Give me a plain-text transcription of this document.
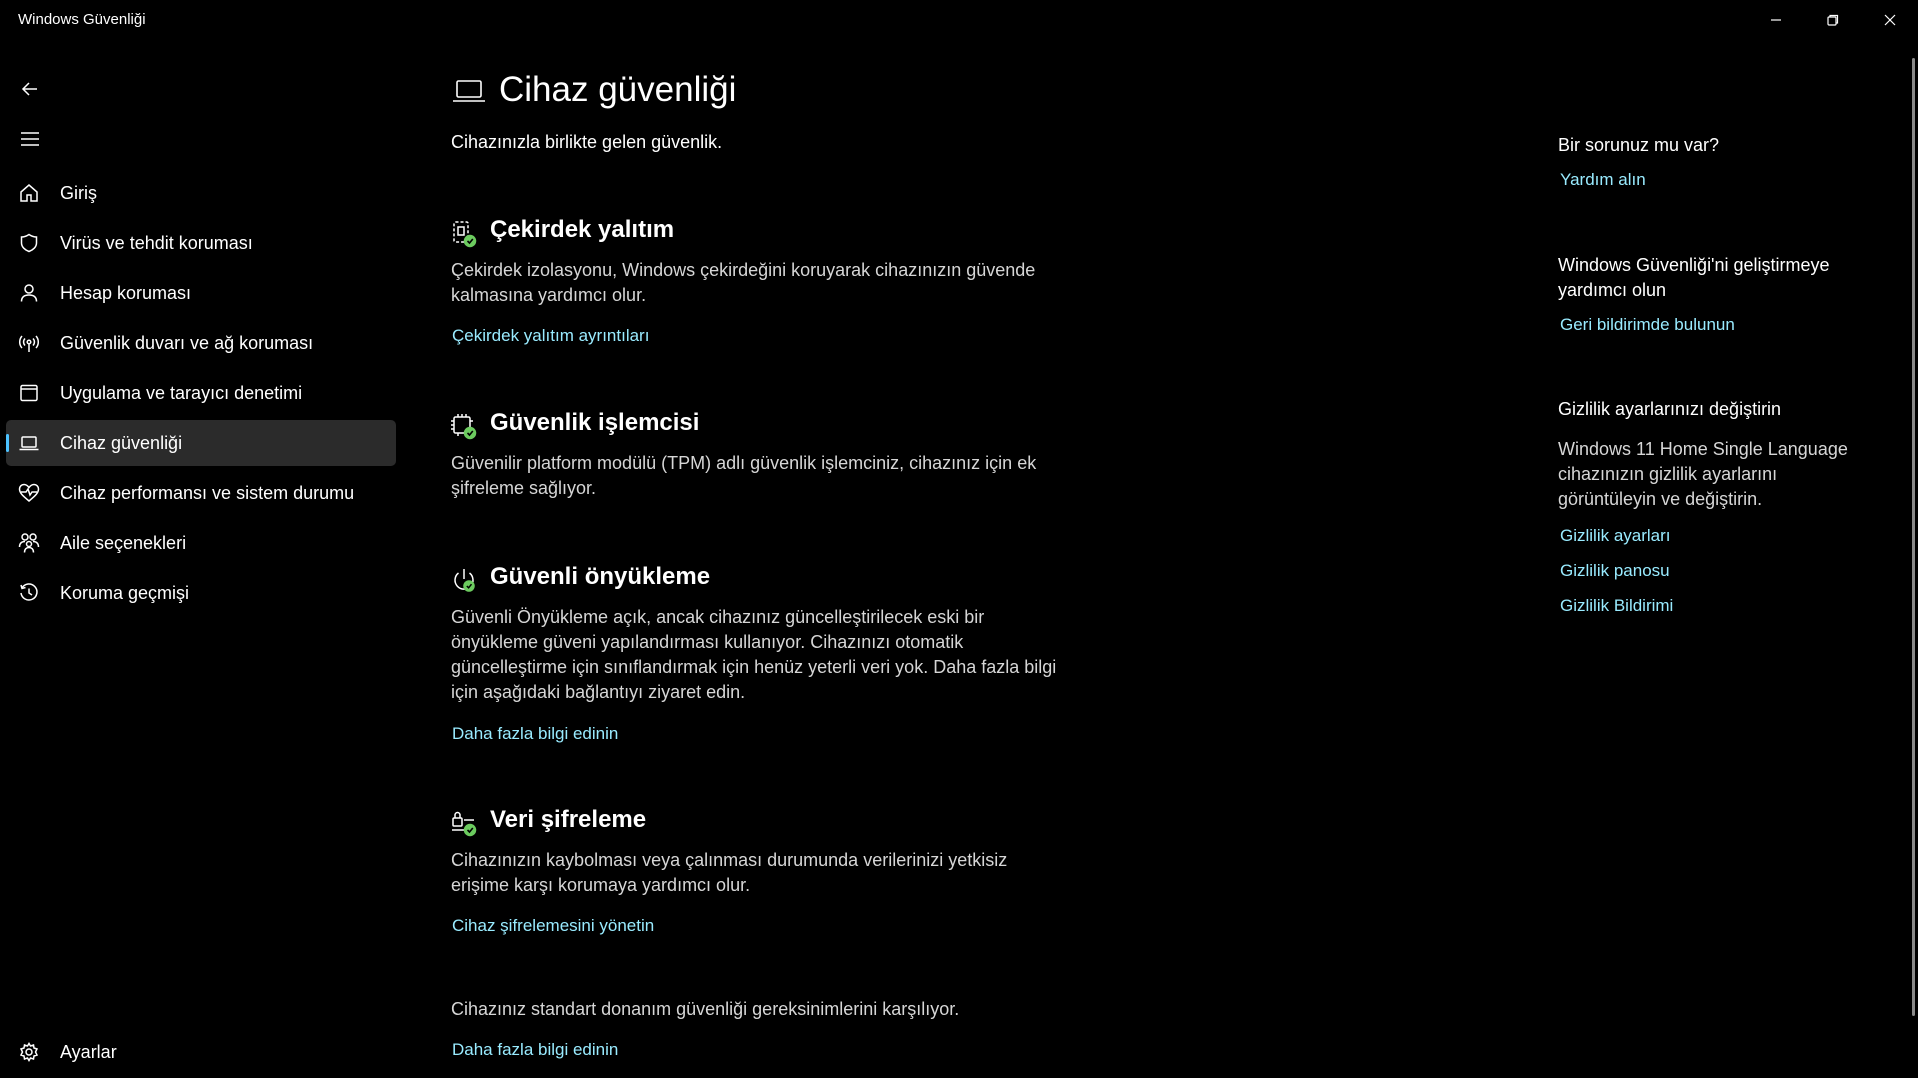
Windows Güvenliği
Giriş
Virüs ve tehdit koruması
Hesap koruması
Güvenlik duvarı ve ağ koruması
Uygulama ve tarayıcı denetimi
Cihaz güvenliği
Cihaz performansı ve sistem durumu
Aile seçenekleri
Koruma geçmişi
Ayarlar
Cihaz güvenliği
Cihazınızla birlikte gelen güvenlik.
Çekirdek yalıtım
Çekirdek izolasyonu, Windows çekirdeğini koruyarak cihazınızın güvende kalmasına yardımcı olur.
Çekirdek yalıtım ayrıntıları
Güvenlik işlemcisi
Güvenilir platform modülü (TPM) adlı güvenlik işlemciniz, cihazınız için ek şifreleme sağlıyor.
Güvenli önyükleme
Güvenli Önyükleme açık, ancak cihazınız güncelleştirilecek eski bir önyükleme güveni yapılandırması kullanıyor. Cihazınızı otomatik güncelleştirme için sınıflandırmak için henüz yeterli veri yok. Daha fazla bilgi için aşağıdaki bağlantıyı ziyaret edin.
Daha fazla bilgi edinin
Veri şifreleme
Cihazınızın kaybolması veya çalınması durumunda verilerinizi yetkisiz erişime karşı korumaya yardımcı olur.
Cihaz şifrelemesini yönetin
Cihazınız standart donanım güvenliği gereksinimlerini karşılıyor.
Daha fazla bilgi edinin
Bir sorunuz mu var?
Yardım alın
Windows Güvenliği'ni geliştirmeye yardımcı olun
Geri bildirimde bulunun
Gizlilik ayarlarınızı değiştirin
Windows 11 Home Single Language cihazınızın gizlilik ayarlarını görüntüleyin ve değiştirin.
Gizlilik ayarları
Gizlilik panosu
Gizlilik Bildirimi
